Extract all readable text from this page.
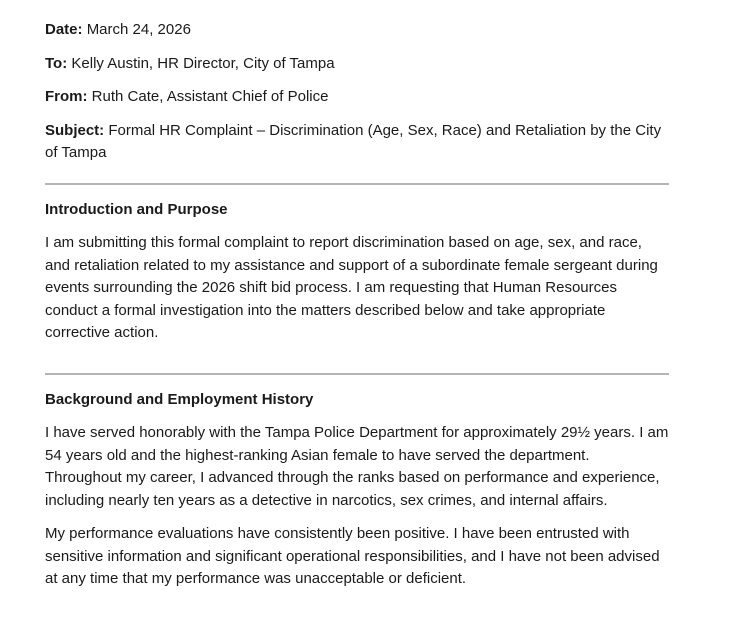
Date: March 24, 2026

To: Kelly Austin, HR Director, City of Tampa

From: Ruth Cate, Assistant Chief of Police

Subject: Formal HR Complaint – Discrimination (Age, Sex, Race) and Retaliation by the City of Tampa

Introduction and Purpose

I am submitting this formal complaint to report discrimination based on age, sex, and race, and retaliation related to my assistance and support of a subordinate female sergeant during events surrounding the 2026 shift bid process. I am requesting that Human Resources conduct a formal investigation into the matters described below and take appropriate corrective action.

Background and Employment History

I have served honorably with the Tampa Police Department for approximately 29½ years. I am 54 years old and the highest-ranking Asian female to have served the department. Throughout my career, I advanced through the ranks based on performance and experience, including nearly ten years as a detective in narcotics, sex crimes, and internal affairs.

My performance evaluations have consistently been positive. I have been entrusted with sensitive information and significant operational responsibilities, and I have not been advised at any time that my performance was unacceptable or deficient.
